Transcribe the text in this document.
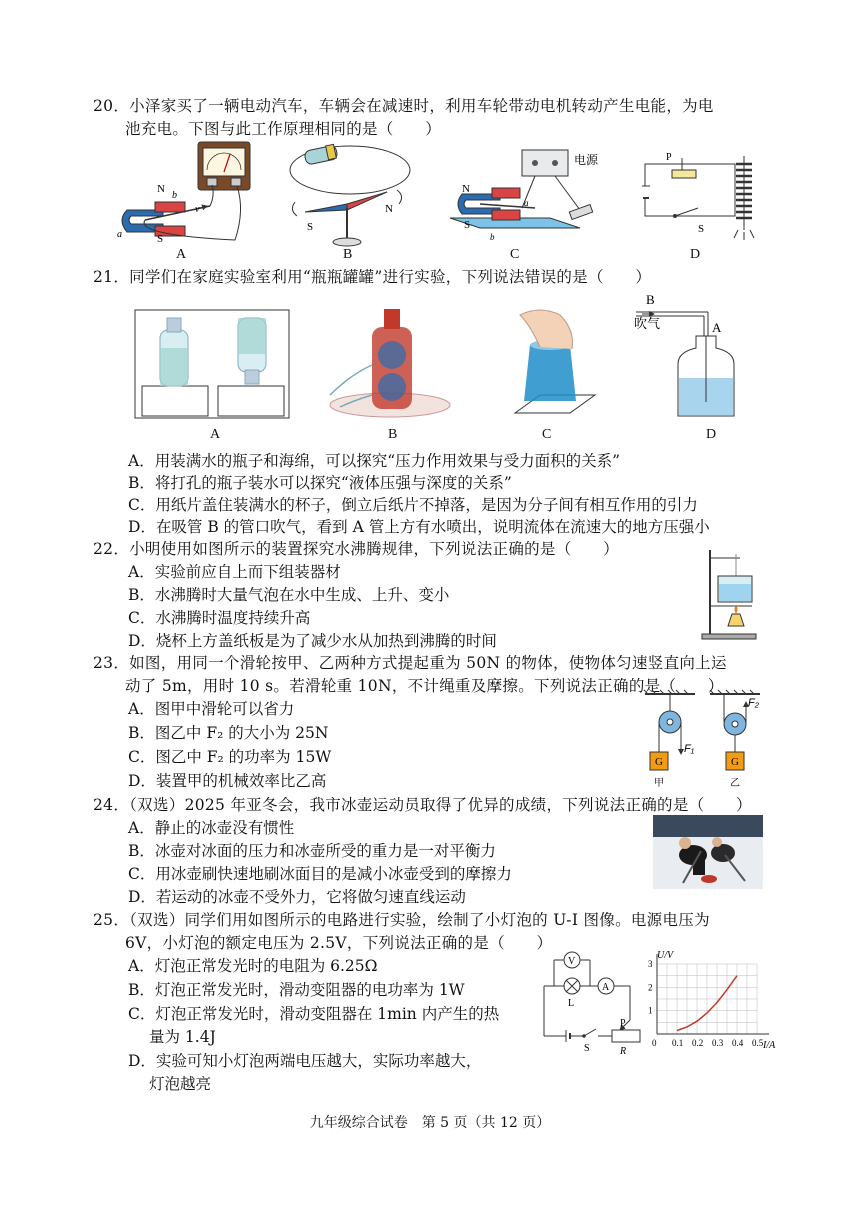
20．小泽家买了一辆电动汽车，车辆会在减速时，利用车轮带动电机转动产生电能，为电
池充电。下图与此工作原理相同的是（　　）
N
b
a	S
v
A
S
N
B
电源
N
a
b
S
C
P
S
D
21．同学们在家庭实验室利用“瓶瓶罐罐”进行实验，下列说法错误的是（　　）
A	B	C
B
吹气	A
D
A．用装满水的瓶子和海绵，可以探究“压力作用效果与受力面积的关系”
B．将打孔的瓶子装水可以探究“液体压强与深度的关系”
C．用纸片盖住装满水的杯子，倒立后纸片不掉落，是因为分子间有相互作用的引力
D．在吸管 B 的管口吹气，看到 A 管上方有水喷出，说明流体在流速大的地方压强小
22．小明使用如图所示的装置探究水沸腾规律，下列说法正确的是（　　）
A．实验前应自上而下组装器材
B．水沸腾时大量气泡在水中生成、上升、变小
C．水沸腾时温度持续升高
D．烧杯上方盖纸板是为了减少水从加热到沸腾的时间
23．如图，用同一个滑轮按甲、乙两种方式提起重为 50N 的物体，使物体匀速竖直向上运
动了 5m，用时 10 s。若滑轮重 10N，不计绳重及摩擦。下列说法正确的是（　　）
A．图甲中滑轮可以省力
B．图乙中 F₂ 的大小为 25N
C．图乙中 F₂ 的功率为 15W
D．装置甲的机械效率比乙高
F₁
G
甲
F₂
G
乙
24．（双选）2025 年亚冬会，我市冰壶运动员取得了优异的成绩，下列说法正确的是（　　）
A．静止的冰壶没有惯性
B．冰壶对冰面的压力和冰壶所受的重力是一对平衡力
C．用冰壶刷快速地刷冰面目的是减小冰壶受到的摩擦力
D．若运动的冰壶不受外力，它将做匀速直线运动
25．（双选）同学们用如图所示的电路进行实验，绘制了小灯泡的 U-I 图像。电源电压为
6V，小灯泡的额定电压为 2.5V，下列说法正确的是（　　）
A．灯泡正常发光时的电阻为 6.25Ω
B．灯泡正常发光时，滑动变阻器的电功率为 1W
C．灯泡正常发光时，滑动变阻器在 1min 内产生的热
量为 1.4J
D．实验可知小灯泡两端电压越大，实际功率越大，
灯泡越亮
V
L
A
S
P
R
0 0.1 0.2 0.3 0.4 0.5
1
2
3
U/V
I/A
九年级综合试卷　第 5 页（共 12 页）
